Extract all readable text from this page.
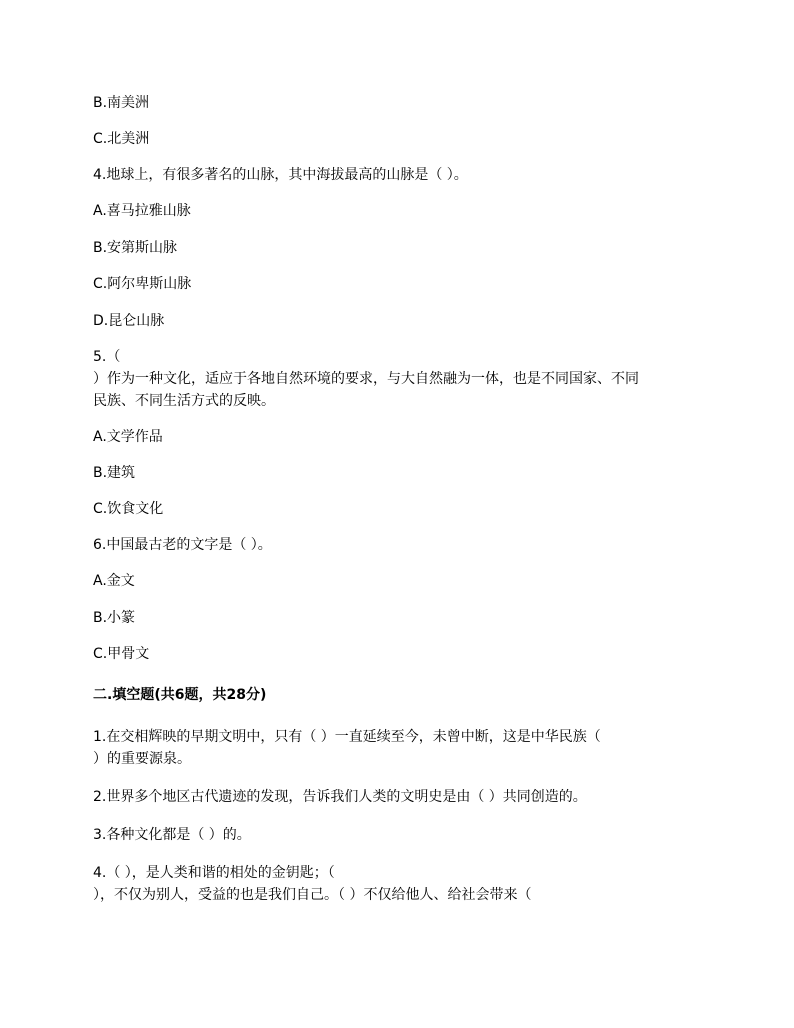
B.南美洲
C.北美洲
4.地球上，有很多著名的山脉，其中海拔最高的山脉是（ ）。
A.喜马拉雅山脉
B.安第斯山脉
C.阿尔卑斯山脉
D.昆仑山脉
5.（
）作为一种文化，适应于各地自然环境的要求，与大自然融为一体，也是不同国家、不同
民族、不同生活方式的反映。
A.文学作品
B.建筑
C.饮食文化
6.中国最古老的文字是（ ）。
A.金文
B.小篆
C.甲骨文
二.填空题(共6题，共28分)
1.在交相辉映的早期文明中，只有（ ）一直延续至今，未曾中断，这是中华民族（
）的重要源泉。
2.世界多个地区古代遗迹的发现，告诉我们人类的文明史是由（ ）共同创造的。
3.各种文化都是（ ）的。
4.（ ），是人类和谐的相处的金钥匙；（
），不仅为别人，受益的也是我们自己。（ ）不仅给他人、给社会带来（
